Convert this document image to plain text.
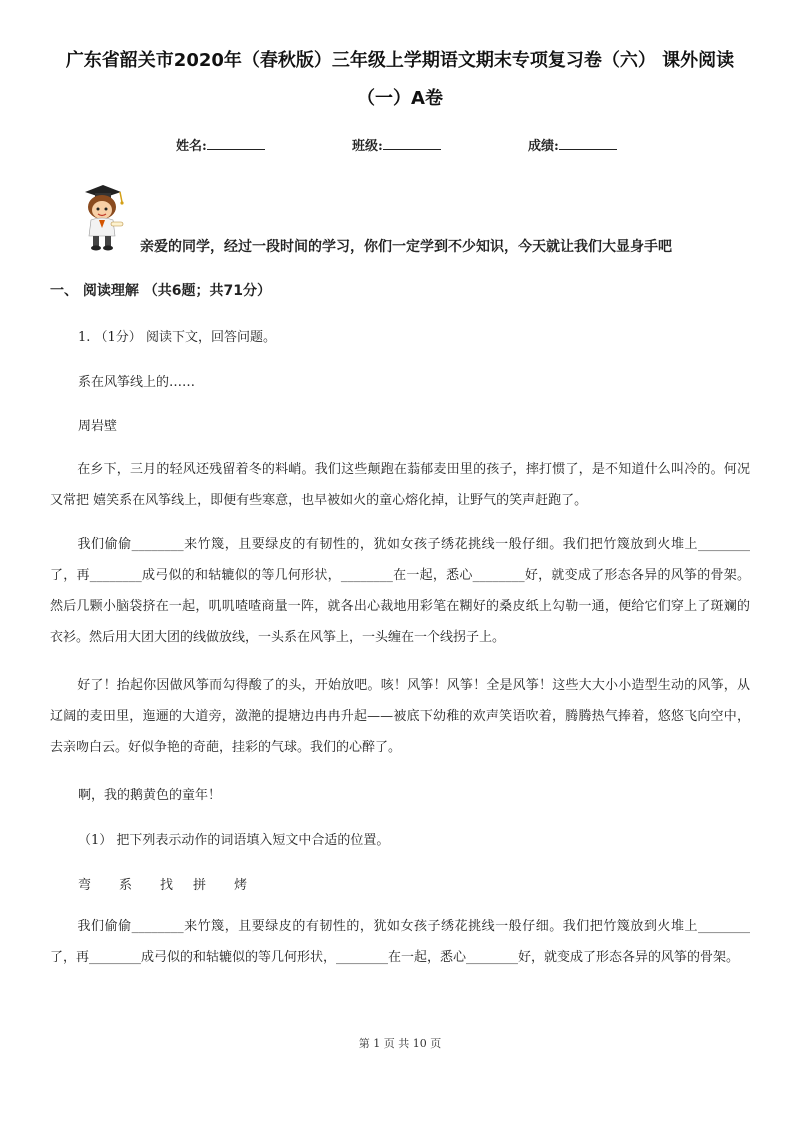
广东省韶关市2020年（春秋版）三年级上学期语文期末专项复习卷（六） 课外阅读
（一）A卷
姓名:	班级:	成绩:
亲爱的同学，经过一段时间的学习，你们一定学到不少知识，今天就让我们大显身手吧
一、 阅读理解 （共6题；共71分）
1. （1分） 阅读下文，回答问题。
系在风筝线上的……
周岩壁
在乡下，三月的轻风还残留着冬的料峭。我们这些颠跑在蓊郁麦田里的孩子，摔打惯了，是不知道什么叫冷的。何况又常把 嬉笑系在风筝线上，即便有些寒意，也早被如火的童心熔化掉，让野气的笑声赶跑了。
我们偷偷________来竹篾，且要绿皮的有韧性的，犹如女孩子绣花挑线一般仔细。我们把竹篾放到火堆上________了，再________成弓似的和轱辘似的等几何形状，________在一起，悉心________好，就变成了形态各异的风筝的骨架。然后几颗小脑袋挤在一起，叽叽喳喳商量一阵，就各出心裁地用彩笔在糊好的桑皮纸上勾勒一通，便给它们穿上了斑斓的衣衫。然后用大团大团的线做放线，一头系在风筝上，一头缠在一个线拐子上。
好了！抬起你因做风筝而勾得酸了的头，开始放吧。咳！风筝！风筝！全是风筝！这些大大小小造型生动的风筝，从辽阔的麦田里，迤逦的大道旁，潋滟的提塘边冉冉升起——被底下幼稚的欢声笑语吹着，腾腾热气捧着，悠悠飞向空中，去亲吻白云。好似争艳的奇葩，挂彩的气球。我们的心醉了。
啊，我的鹅黄色的童年！
（1） 把下列表示动作的词语填入短文中合适的位置。
弯 系 找 拼 烤
我们偷偷________来竹篾，且要绿皮的有韧性的，犹如女孩子绣花挑线一般仔细。我们把竹篾放到火堆上________了，再________成弓似的和轱辘似的等几何形状，________在一起，悉心________好，就变成了形态各异的风筝的骨架。
第 1 页 共 10 页
